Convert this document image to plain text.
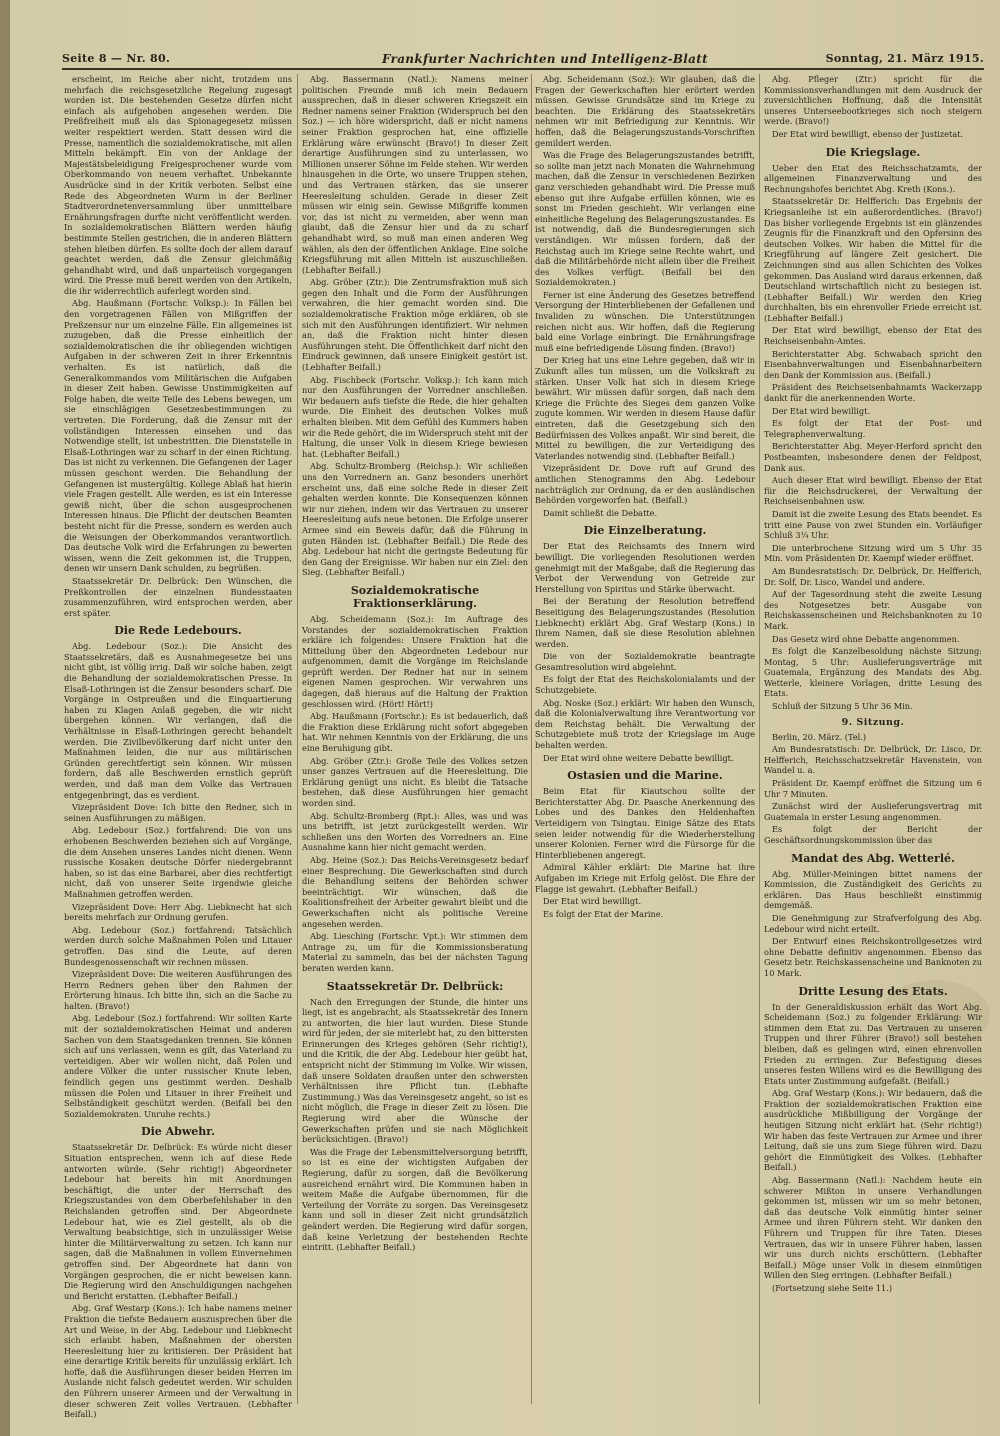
Seite 8 — Nr. 80.	Frankfurter Nachrichten und Intelligenz-Blatt	Sonntag, 21. März 1915.

erscheint, im Reiche aber nicht, trotzdem uns mehrfach die reichsgesetzliche Regelung zugesagt worden ist. Die bestehenden Gesetze dürfen nicht einfach als aufgehoben angesehen werden. Die Preßfreiheit muß als das Spionagegesetz müssen weiter respektiert werden. Statt dessen wird die Presse, namentlich die sozialdemokratische, mit allen Mitteln bekämpft. Ein von der Anklage der Majestätsbeleidigung Freigesprochener wurde vom Oberkommando von neuem verhaftet. Unbekannte Ausdrücke sind in der Kritik verboten. Selbst eine Rede des Abgeordneten Wurm in der Berliner Stadtverordnetenversammlung über unmittelbare Ernährungsfragen durfte nicht veröffentlicht werden. In sozialdemokratischen Blättern werden häufig bestimmte Stellen gestrichen, die in anderen Blättern stehen bleiben dürfen. Es sollte doch der allem darauf geachtet werden, daß die Zensur gleichmäßig gehandhabt wird, und daß unparteiisch vorgegangen wird. Die Presse muß bereit werden von den Artikeln, die ihr widerrechtlich auferlegt worden sind.

Abg. Haußmann (Fortschr. Volksp.): In Fällen bei den vorgetragenen Fällen von Mißgriffen der Preßzensur nur um einzelne Fälle. Ein allgemeines ist zuzugeben, daß die Presse einheitlich der sozialdemokratischen die ihr obliegenden wichtigen Aufgaben in der schweren Zeit in ihrer Erkenntnis verhalten. Es ist natürlich, daß die Generalkommandos vom Militärischen die Aufgaben in dieser Zeit haben. Gewisse Unstimmigkeiten auf Folge haben, die weite Teile des Lebens bewegen, um sie einschlägigen Gesetzesbestimmungen zu vertreten. Die Forderung, daß die Zensur mit der vollständigen Interessen einsehen und das Notwendige stellt, ist unbestritten. Die Dienststelle in Elsaß-Lothringen war zu scharf in der einen Richtung. Das ist nicht zu verkennen. Die Gefangenen der Lager müssen geschont werden. Die Behandlung der Gefangenen ist mustergültig. Kollege Ablaß hat hierin viele Fragen gestellt. Alle werden, es ist ein Interesse gewiß nicht, über die schon ausgesprochenen Interessen hinaus. Die Pflicht der deutschen Beamten besteht nicht für die Presse, sondern es werden auch die Weisungen der Oberkommandos verantwortlich. Das deutsche Volk wird die Erfahrungen zu bewerten wissen, wenn die Zeit gekommen ist, die Truppen, denen wir unsern Dank schulden, zu begrüßen.

Staatssekretär Dr. Delbrück: Den Wünschen, die Preßkontrollen der einzelnen Bundesstaaten zusammenzuführen, wird entsprochen werden, aber erst später.

Die Rede Ledebours.

Abg. Ledebour (Soz.): Die Ansicht des Staatssekretärs, daß es Ausnahmegesetze bei uns nicht gibt, ist völlig irrig. Daß wir solche haben, zeigt die Behandlung der sozialdemokratischen Presse. In Elsaß-Lothringen ist die Zensur besonders scharf. Die Vorgänge in Ostpreußen und die Einquartierung haben zu Klagen Anlaß gegeben, die wir nicht übergehen können. Wir verlangen, daß die Verhältnisse in Elsaß-Lothringen gerecht behandelt werden. Die Zivilbevölkerung darf nicht unter den Maßnahmen leiden, die nur aus militärischen Gründen gerechtfertigt sein können. Wir müssen fordern, daß alle Beschwerden ernstlich geprüft werden, und daß man dem Volke das Vertrauen entgegenbringt, das es verdient.

Vizepräsident Dove: Ich bitte den Redner, sich in seinen Ausführungen zu mäßigen.

Abg. Ledebour (Soz.) fortfahrend: Die von uns erhobenen Beschwerden beziehen sich auf Vorgänge, die dem Ansehen unseres Landes nicht dienen. Wenn russische Kosaken deutsche Dörfer niedergebrannt haben, so ist das eine Barbarei, aber dies rechtfertigt nicht, daß von unserer Seite irgendwie gleiche Maßnahmen getroffen werden.

Vizepräsident Dove: Herr Abg. Liebknecht hat sich bereits mehrfach zur Ordnung gerufen.

Abg. Ledebour (Soz.) fortfahrend: Tatsächlich werden durch solche Maßnahmen Polen und Litauer getroffen. Das sind die Leute, auf deren Bundesgenossenschaft wir rechnen müssen.

Vizepräsident Dove: Die weiteren Ausführungen des Herrn Redners gehen über den Rahmen der Erörterung hinaus. Ich bitte ihn, sich an die Sache zu halten. (Bravo!)

Abg. Ledebour (Soz.) fortfahrend: Wir sollten Karte mit der sozialdemokratischen Heimat und anderen Sachen von dem Staatsgedanken trennen. Sie können sich auf uns verlassen, wenn es gilt, das Vaterland zu verteidigen. Aber wir wollen nicht, daß Polen und andere Völker die unter russischer Knute leben, feindlich gegen uns gestimmt werden. Deshalb müssen die Polen und Litauer in ihrer Freiheit und Selbständigkeit geschützt werden. (Beifall bei den Sozialdemokraten. Unruhe rechts.)

Die Abwehr.

Staatssekretär Dr. Delbrück: Es würde nicht dieser Situation entsprechen, wenn ich auf diese Rede antworten würde. (Sehr richtig!) Abgeordneter Ledebour hat bereits hin mit Anordnungen beschäftigt, die unter der Herrschaft des Kriegszustandes von dem Oberbefehlshaber in den Reichslanden getroffen sind. Der Abgeordnete Ledebour hat, wie es Ziel gestellt, als ob die Verwaltung beabsichtige, sich in unzulässiger Weise hinter die Militärverwaltung zu setzen. Ich kann nur sagen, daß die Maßnahmen in vollem Einvernehmen getroffen sind. Der Abgeordnete hat dann von Vorgängen gesprochen, die er nicht beweisen kann. Die Regierung wird den Anschuldigungen nachgehen und Bericht erstatten. (Lebhafter Beifall.)

Abg. Graf Westarp (Kons.): Ich habe namens meiner Fraktion die tiefste Bedauern auszusprechen über die Art und Weise, in der Abg. Ledebour und Liebknecht sich erlaubt haben, Maßnahmen der obersten Heeresleitung hier zu kritisieren. Der Präsident hat eine derartige Kritik bereits für unzulässig erklärt. Ich hoffe, daß die Ausführungen dieser beiden Herren im Auslande nicht falsch gedeutet werden. Wir schulden den Führern unserer Armeen und der Verwaltung in dieser schweren Zeit volles Vertrauen. (Lebhafter Beifall.)

Abg. Bassermann (Natl.): Namens meiner politischen Freunde muß ich mein Bedauern aussprechen, daß in dieser schweren Kriegszeit ein Redner namens seiner Fraktion (Widerspruch bei den Soz.) — ich höre widerspricht, daß er nicht namens seiner Fraktion gesprochen hat, eine offizielle Erklärung wäre erwünscht (Bravo!) In dieser Zeit derartige Ausführungen sind zu unterlassen, wo Millionen unserer Söhne im Felde stehen. Wir werden hinausgehen in die Orte, wo unsere Truppen stehen, und das Vertrauen stärken, das sie unserer Heeresleitung schulden. Gerade in dieser Zeit müssen wir einig sein. Gewisse Mißgriffe kommen vor, das ist nicht zu vermeiden, aber wenn man glaubt, daß die Zensur hier und da zu scharf gehandhabt wird, so muß man einen anderen Weg wählen, als den der öffentlichen Anklage. Eine solche Kriegsführung mit allen Mitteln ist auszuschließen. (Lebhafter Beifall.)

Abg. Gröber (Ztr.): Die Zentrumsfraktion muß sich gegen den Inhalt und die Form der Ausführungen verwahren, die hier gemacht worden sind. Die sozialdemokratische Fraktion möge erklären, ob sie sich mit den Ausführungen identifiziert. Wir nehmen an, daß die Fraktion nicht hinter diesen Ausführungen steht. Die Öffentlichkeit darf nicht den Eindruck gewinnen, daß unsere Einigkeit gestört ist. (Lebhafter Beifall.)

Abg. Fischbeck (Fortschr. Volksp.): Ich kann mich nur den Ausführungen der Vorredner anschließen. Wir bedauern aufs tiefste die Rede, die hier gehalten wurde. Die Einheit des deutschen Volkes muß erhalten bleiben. Mit dem Gefühl des Kummers haben wir die Rede gehört, die im Widerspruch steht mit der Haltung, die unser Volk in diesem Kriege bewiesen hat. (Lebhafter Beifall.)

Abg. Schultz-Bromberg (Reichsp.): Wir schließen uns den Vorrednern an. Ganz besonders unerhört erscheint uns, daß eine solche Rede in dieser Zeit gehalten werden konnte. Die Konsequenzen können wir nur ziehen, indem wir das Vertrauen zu unserer Heeresleitung aufs neue betonen. Die Erfolge unserer Armee sind ein Beweis dafür, daß die Führung in guten Händen ist. (Lebhafter Beifall.) Die Rede des Abg. Ledebour hat nicht die geringste Bedeutung für den Gang der Ereignisse. Wir haben nur ein Ziel: den Sieg. (Lebhafter Beifall.)

Sozialdemokratische Fraktionserklärung.

Abg. Scheidemann (Soz.): Im Auftrage des Vorstandes der sozialdemokratischen Fraktion erkläre ich folgendes: Unsere Fraktion hat die Mitteilung über den Abgeordneten Ledebour nur aufgenommen, damit die Vorgänge im Reichslande geprüft werden. Der Redner hat nur in seinem eigenen Namen gesprochen. Wir verwahren uns dagegen, daß hieraus auf die Haltung der Fraktion geschlossen wird. (Hört! Hört!)

Abg. Haußmann (Fortschr.): Es ist bedauerlich, daß die Fraktion diese Erklärung nicht sofort abgegeben hat. Wir nehmen Kenntnis von der Erklärung, die uns eine Beruhigung gibt.

Abg. Gröber (Ztr.): Große Teile des Volkes setzen unser ganzes Vertrauen auf die Heeresleitung. Die Erklärung genügt uns nicht. Es bleibt die Tatsache bestehen, daß diese Ausführungen hier gemacht worden sind.

Abg. Schultz-Bromberg (Rpt.): Alles, was und was uns betrifft, ist jetzt zurückgestellt werden. Wir schließen uns den Worten des Vorredners an. Eine Ausnahme kann hier nicht gemacht werden.

Abg. Heine (Soz.): Das Reichs-Vereinsgesetz bedarf einer Besprechung. Die Gewerkschaften sind durch die Behandlung seitens der Behörden schwer beeinträchtigt. Wir wünschen, daß die Koalitionsfreiheit der Arbeiter gewahrt bleibt und die Gewerkschaften nicht als politische Vereine angesehen werden.

Abg. Liesching (Fortschr. Vpt.): Wir stimmen dem Antrage zu, um für die Kommissionsberatung Material zu sammeln, das bei der nächsten Tagung beraten werden kann.

Staatssekretär Dr. Delbrück:

Nach den Erregungen der Stunde, die hinter uns liegt, ist es angebracht, als Staatssekretär des Innern zu antworten, die hier laut wurden. Diese Stunde wird für jeden, der sie miterlebt hat, zu den bittersten Erinnerungen des Krieges gehören (Sehr richtig!), und die Kritik, die der Abg. Ledebour hier geübt hat, entspricht nicht der Stimmung im Volke. Wir wissen, daß unsere Soldaten draußen unter den schwersten Verhältnissen ihre Pflicht tun. (Lebhafte Zustimmung.) Was das Vereinsgesetz angeht, so ist es nicht möglich, die Frage in dieser Zeit zu lösen. Die Regierung wird aber die Wünsche der Gewerkschaften prüfen und sie nach Möglichkeit berücksichtigen. (Bravo!)

Was die Frage der Lebensmittelversorgung betrifft, so ist es eine der wichtigsten Aufgaben der Regierung, dafür zu sorgen, daß die Bevölkerung ausreichend ernährt wird. Die Kommunen haben in weitem Maße die Aufgabe übernommen, für die Verteilung der Vorräte zu sorgen. Das Vereinsgesetz kann und soll in dieser Zeit nicht grundsätzlich geändert werden. Die Regierung wird dafür sorgen, daß keine Verletzung der bestehenden Rechte eintritt. (Lebhafter Beifall.)

Abg. Scheidemann (Soz.): Wir glauben, daß die Fragen der Gewerkschaften hier erörtert werden müssen. Gewisse Grundsätze sind im Kriege zu beachten. Die Erklärung des Staatssekretärs nehmen wir mit Befriedigung zur Kenntnis. Wir hoffen, daß die Belagerungszustands-Vorschriften gemildert werden.

Was die Frage des Belagerungszustandes betrifft, so sollte man jetzt nach Monaten die Wahrnehmung machen, daß die Zensur in verschiedenen Bezirken ganz verschieden gehandhabt wird. Die Presse muß ebenso gut ihre Aufgabe erfüllen können, wie es sonst im Frieden geschieht. Wir verlangen eine einheitliche Regelung des Belagerungszustandes. Es ist notwendig, daß die Bundesregierungen sich verständigen. Wir müssen fordern, daß der Reichstag auch im Kriege seine Rechte wahrt, und daß die Militärbehörde nicht allein über die Freiheit des Volkes verfügt. (Beifall bei den Sozialdemokraten.)

Ferner ist eine Änderung des Gesetzes betreffend Versorgung der Hinterbliebenen der Gefallenen und Invaliden zu wünschen. Die Unterstützungen reichen nicht aus. Wir hoffen, daß die Regierung bald eine Vorlage einbringt. Die Ernährungsfrage muß eine befriedigende Lösung finden. (Bravo!)

Der Krieg hat uns eine Lehre gegeben, daß wir in Zukunft alles tun müssen, um die Volkskraft zu stärken. Unser Volk hat sich in diesem Kriege bewährt. Wir müssen dafür sorgen, daß nach dem Kriege die Früchte des Sieges dem ganzen Volke zugute kommen. Wir werden in diesem Hause dafür eintreten, daß die Gesetzgebung sich den Bedürfnissen des Volkes anpaßt. Wir sind bereit, die Mittel zu bewilligen, die zur Verteidigung des Vaterlandes notwendig sind. (Lebhafter Beifall.)

Vizepräsident Dr. Dove ruft auf Grund des amtlichen Stenogramms den Abg. Ledebour nachträglich zur Ordnung, da er den ausländischen Behörden vorgeworfen hat. (Beifall.)

Damit schließt die Debatte.

Die Einzelberatung.

Der Etat des Reichsamts des Innern wird bewilligt. Die vorliegenden Resolutionen werden genehmigt mit der Maßgabe, daß die Regierung das Verbot der Verwendung von Getreide zur Herstellung von Spiritus und Stärke überwacht.

Bei der Beratung der Resolution betreffend Beseitigung des Belagerungszustandes (Resolution Liebknecht) erklärt Abg. Graf Westarp (Kons.) in Ihrem Namen, daß sie diese Resolution ablehnen werden.

Die von der Sozialdemokratie beantragte Gesamtresolution wird abgelehnt.

Es folgt der Etat des Reichskolonialamts und der Schutzgebiete.

Abg. Noske (Soz.) erklärt: Wir haben den Wunsch, daß die Kolonialverwaltung ihre Verantwortung vor dem Reichstag behält. Die Verwaltung der Schutzgebiete muß trotz der Kriegslage im Auge behalten werden.

Der Etat wird ohne weitere Debatte bewilligt.

Ostasien und die Marine.

Beim Etat für Kiautschou sollte der Berichterstatter Abg. Dr. Paasche Anerkennung des Lobes und des Dankes den Heldenhaften Verteidigern von Tsingtau. Einige Sätze des Etats seien leider notwendig für die Wiederherstellung unserer Kolonien. Ferner wird die Fürsorge für die Hinterbliebenen angeregt.

Admiral Kähler erklärt: Die Marine hat ihre Aufgaben im Kriege mit Erfolg gelöst. Die Ehre der Flagge ist gewahrt. (Lebhafter Beifall.)

Der Etat wird bewilligt.

Es folgt der Etat der Marine.

Abg. Pfleger (Ztr.) spricht für die Kommissionsverhandlungen mit dem Ausdruck der zuversichtlichen Hoffnung, daß die Intensität unseres Unterseebootkrieges sich noch steigern werde. (Bravo!)

Der Etat wird bewilligt, ebenso der Justizetat.

Die Kriegslage.

Ueber den Etat des Reichsschatzamts, der allgemeinen Finanzverwaltung und des Rechnungshofes berichtet Abg. Kreth (Kons.).

Staatssekretär Dr. Helfferich: Das Ergebnis der Kriegsanleihe ist ein außerordentliches. (Bravo!) Das bisher vorliegende Ergebnis ist ein glänzendes Zeugnis für die Finanzkraft und den Opfersinn des deutschen Volkes. Wir haben die Mittel für die Kriegführung auf längere Zeit gesichert. Die Zeichnungen sind aus allen Schichten des Volkes gekommen. Das Ausland wird daraus erkennen, daß Deutschland wirtschaftlich nicht zu besiegen ist. (Lebhafter Beifall.) Wir werden den Krieg durchhalten, bis ein ehrenvoller Friede erreicht ist. (Lebhafter Beifall.)

Der Etat wird bewilligt, ebenso der Etat des Reichseisenbahn-Amtes.

Berichterstatter Abg. Schwabach spricht den Eisenbahnverwaltungen und Eisenbahnarbeitern den Dank der Kommission aus. (Beifall.)

Präsident des Reichseisenbahnamts Wackerzapp dankt für die anerkennenden Worte.

Der Etat wird bewilligt.

Es folgt der Etat der Post- und Telegraphenverwaltung.

Berichterstatter Abg. Meyer-Herford spricht den Postbeamten, insbesondere denen der Feldpost, Dank aus.

Auch dieser Etat wird bewilligt. Ebenso der Etat für die Reichsdruckerei, der Verwaltung der Reichseisenbahnen usw.

Damit ist die zweite Lesung des Etats beendet. Es tritt eine Pause von zwei Stunden ein. Vorläufiger Schluß 3¼ Uhr.

Die unterbrochene Sitzung wird um 5 Uhr 35 Min. vom Präsidenten Dr. Kaempf wieder eröffnet.

Am Bundesratstisch: Dr. Delbrück, Dr. Helfferich, Dr. Solf, Dr. Lisco, Wandel und andere.

Auf der Tagesordnung steht die zweite Lesung des Notgesetzes betr. Ausgabe von Reichskassenscheinen und Reichsbanknoten zu 10 Mark.

Das Gesetz wird ohne Debatte angenommen.

Es folgt die Kanzelbesoldung nächste Sitzung: Montag, 5 Uhr: Auslieferungsverträge mit Guatemala, Ergänzung des Mandats des Abg. Wetterle, kleinere Vorlagen, dritte Lesung des Etats.

Schluß der Sitzung 5 Uhr 36 Min.

9. Sitzung.

Berlin, 20. März. (Tel.)

Am Bundesratstisch: Dr. Delbrück, Dr. Lisco, Dr. Helfferich, Reichsschatzsekretär Havenstein, von Wandel u. a.

Präsident Dr. Kaempf eröffnet die Sitzung um 6 Uhr 7 Minuten.

Zunächst wird der Auslieferungsvertrag mit Guatemala in erster Lesung angenommen.

Es folgt der Bericht der Geschäftsordnungskommission über das

Mandat des Abg. Wetterlé.

Abg. Müller-Meiningen bittet namens der Kommission, die Zuständigkeit des Gerichts zu erklären. Das Haus beschließt einstimmig demgemäß.

Die Genehmigung zur Strafverfolgung des Abg. Ledebour wird nicht erteilt.

Der Entwurf eines Reichskontrollgesetzes wird ohne Debatte definitiv angenommen. Ebenso das Gesetz betr. Reichskassenscheine und Banknoten zu 10 Mark.

Dritte Lesung des Etats.

In der Generaldiskussion erhält das Wort Abg. Scheidemann (Soz.) zu folgender Erklärung: Wir stimmen dem Etat zu. Das Vertrauen zu unseren Truppen und ihrer Führer (Bravo!) soll bestehen bleiben, daß es gelingen wird, einen ehrenvollen Frieden zu erringen. Zur Befestigung dieses unseres festen Willens wird es die Bewilligung des Etats unter Zustimmung aufgefaßt. (Beifall.)

Abg. Graf Westarp (Kons.): Wir bedauern, daß die Fraktion der sozialdemokratischen Fraktion eine ausdrückliche Mißbilligung der Vorgänge der heutigen Sitzung nicht erklärt hat. (Sehr richtig!) Wir haben das feste Vertrauen zur Armee und ihrer Leitung, daß sie uns zum Siege führen wird. Dazu gehört die Einmütigkeit des Volkes. (Lebhafter Beifall.)

Abg. Bassermann (Natl.): Nachdem heute ein schwerer Mißton in unsere Verhandlungen gekommen ist, müssen wir um so mehr betonen, daß das deutsche Volk einmütig hinter seiner Armee und ihren Führern steht. Wir danken den Führern und Truppen für ihre Taten. Dieses Vertrauen, das wir in unsere Führer haben, lassen wir uns durch nichts erschüttern. (Lebhafter Beifall.) Möge unser Volk in diesem einmütigen Willen den Sieg erringen. (Lebhafter Beifall.)

(Fortsetzung siehe Seite 11.)
